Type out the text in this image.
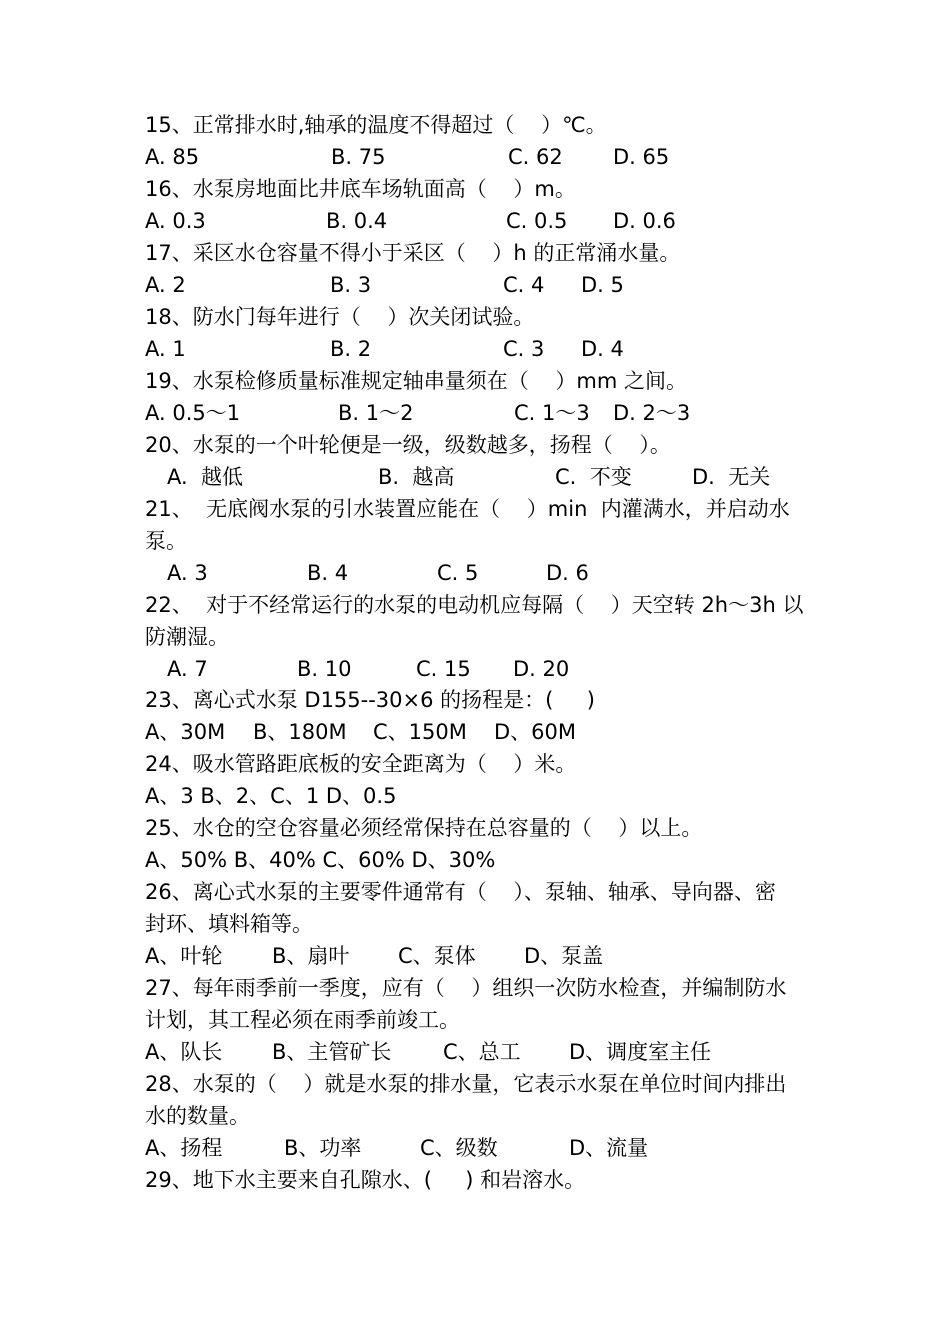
15、正常排水时,轴承的温度不得超过（    ）℃。
A. 85	B. 75	C. 62 D. 65
16、水泵房地面比井底车场轨面高（    ）m。
A. 0.3	B. 0.4	C. 0.5 D. 0.6
17、采区水仓容量不得小于采区（    ）h 的正常涌水量。
A. 2	B. 3	C. 4 D. 5
18、防水门每年进行（    ）次关闭试验。
A. 1	B. 2	C. 3 D. 4
19、水泵检修质量标准规定轴串量须在（    ）mm 之间。
A. 0.5～1	B. 1～2	C. 1～3 D. 2～3
20、水泵的一个叶轮便是一级，级数越多，扬程（    ）。
A.  越低	B.  越高	C.  不变	D.  无关
21、  无底阀水泵的引水装置应能在（    ）min  内灌满水，并启动水
泵。
A. 3	B. 4	C. 5	D. 6
22、  对于不经常运行的水泵的电动机应每隔（    ）天空转 2h～3h 以
防潮湿。
A. 7	B. 10	C. 15 D. 20
23、离心式水泵 D155--30×6 的扬程是：(     )
A、30M B、180M C、150M D、60M
24、吸水管路距底板的安全距离为（    ）米。
A、3 B、2、C、1 D、0.5
25、水仓的空仓容量必须经常保持在总容量的（    ）以上。
A、50% B、40% C、60% D、30%
26、离心式水泵的主要零件通常有（    ）、泵轴、轴承、导向器、密
封环、填料箱等。
A、叶轮 B、扇叶 C、泵体 D、泵盖
27、每年雨季前一季度，应有（    ）组织一次防水检查，并编制防水
计划，其工程必须在雨季前竣工。
A、队长 B、主管矿长 C、总工 D、调度室主任
28、水泵的（    ）就是水泵的排水量，它表示水泵在单位时间内排出
水的数量。
A、扬程	B、功率	C、级数	D、流量
29、地下水主要来自孔隙水、(     ) 和岩溶水。
